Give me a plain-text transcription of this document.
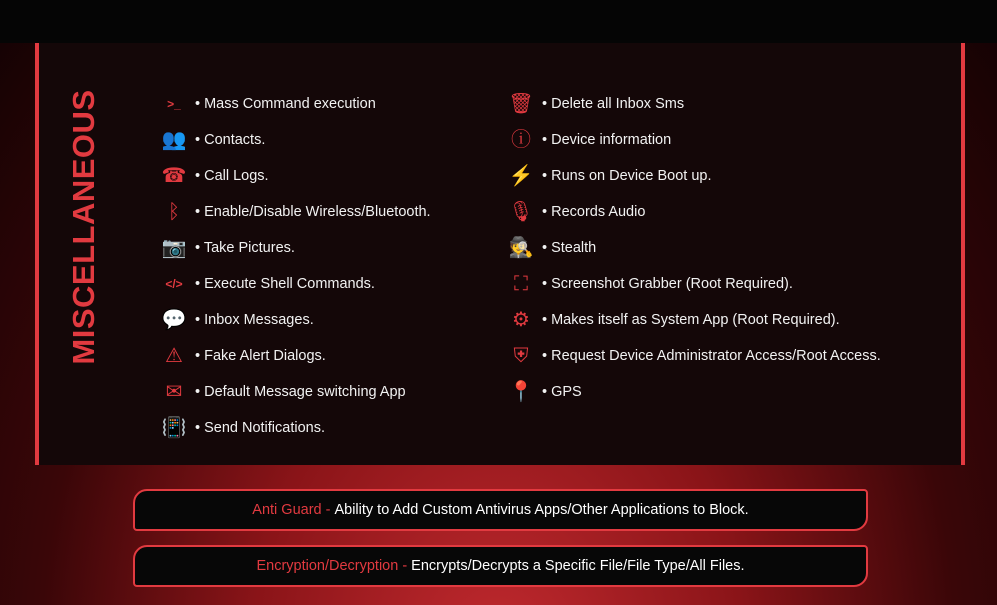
MISCELLANEOUS
Anti Guard - Ability to Add Custom Antivirus Apps/Other Applications to Block.
Encryption/Decryption - Encrypts/Decrypts a Specific File/File Type/All Files.
>_ • Mass Command execution
👥 • Contacts.
☎ • Call Logs.
ᛒ	• Enable/Disable Wireless/Bluetooth.
📷 • Take Pictures.
</> • Execute Shell Commands.
💬 • Inbox Messages.
⚠ • Fake Alert Dialogs.
✉ • Default Message switching App
📳 • Send Notifications.
🗑 • Delete all Inbox Sms
ⓘ • Device information
⚡ • Runs on Device Boot up.
🎙 • Records Audio
🕵 • Stealth
⛶ • Screenshot Grabber (Root Required).
⚙ • Makes itself as System App (Root Required).
⛨ • Request Device Administrator Access/Root Access.
📍 • GPS
